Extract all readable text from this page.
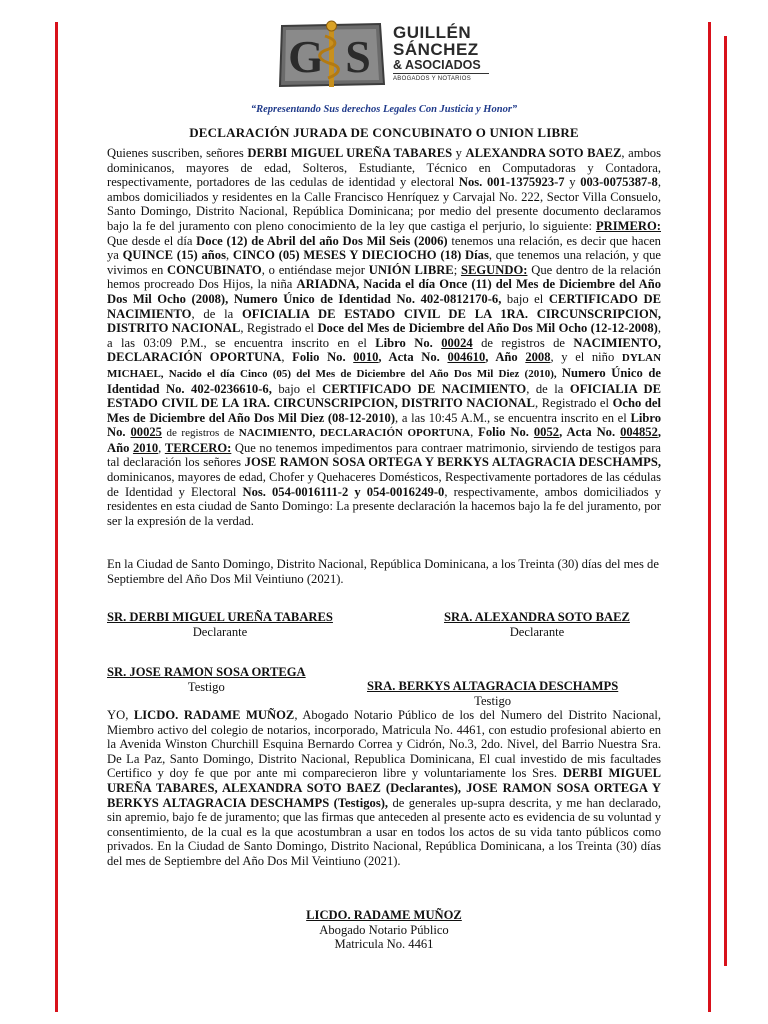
G S GUILLÉN
SÁNCHEZ
& ASOCIADOS
ABOGADOS Y NOTARIOS
“Representando Sus derechos Legales Con Justicia y Honor”
DECLARACIÓN JURADA DE CONCUBINATO O UNION LIBRE

Quienes suscriben, señores DERBI MIGUEL UREÑA TABARES y ALEXANDRA SOTO BAEZ, ambos dominicanos, mayores de edad, Solteros, Estudiante, Técnico en Computadoras y Contadora, respectivamente, portadores de las cedulas de identidad y electoral Nos. 001-1375923-7 y 003-0075387-8, ambos domiciliados y residentes en la Calle Francisco Henríquez y Carvajal No. 222, Sector Villa Consuelo, Santo Domingo, Distrito Nacional, República Dominicana; por medio del presente documento declaramos bajo la fe del juramento con pleno conocimiento de la ley que castiga el perjurio, lo siguiente: PRIMERO: Que desde el día Doce (12) de Abril del año Dos Mil Seis (2006) tenemos una relación, es decir que hacen ya QUINCE (15) años, CINCO (05) MESES Y DIECIOCHO (18) Días, que tenemos una relación, y que vivimos en CONCUBINATO, o entiéndase mejor UNIÓN LIBRE; SEGUNDO: Que dentro de la relación hemos procreado Dos Hijos, la niña ARIADNA, Nacida el día Once (11) del Mes de Diciembre del Año Dos Mil Ocho (2008), Numero Único de Identidad No. 402-0812170-6, bajo el CERTIFICADO DE NACIMIENTO, de la OFICIALIA DE ESTADO CIVIL DE LA 1RA. CIRCUNSCRIPCION, DISTRITO NACIONAL, Registrado el Doce del Mes de Diciembre del Año Dos Mil Ocho (12-12-2008), a las 03:09 P.M., se encuentra inscrito en el Libro No. 00024 de registros de NACIMIENTO, DECLARACIÓN OPORTUNA, Folio No. 0010, Acta No. 004610, Año 2008, y el niño DYLAN MICHAEL, Nacido el día Cinco (05) del Mes de Diciembre del Año Dos Mil Diez (2010), Numero Único de Identidad No. 402-0236610-6, bajo el CERTIFICADO DE NACIMIENTO, de la OFICIALIA DE ESTADO CIVIL DE LA 1RA. CIRCUNSCRIPCION, DISTRITO NACIONAL, Registrado el Ocho del Mes de Diciembre del Año Dos Mil Diez (08-12-2010), a las 10:45 A.M., se encuentra inscrito en el Libro No. 00025 de registros de NACIMIENTO, DECLARACIÓN OPORTUNA, Folio No. 0052, Acta No. 004852, Año 2010, TERCERO: Que no tenemos impedimentos para contraer matrimonio, sirviendo de testigos para tal declaración los señores JOSE RAMON SOSA ORTEGA Y BERKYS ALTAGRACIA DESCHAMPS, dominicanos, mayores de edad, Chofer y Quehaceres Domésticos, Respectivamente portadores de las cédulas de Identidad y Electoral Nos. 054-0016111-2 y 054-0016249-0, respectivamente, ambos domiciliados y residentes en esta ciudad de Santo Domingo: La presente declaración la hacemos bajo la fe del juramento, por ser la expresión de la verdad.

En la Ciudad de Santo Domingo, Distrito Nacional, República Dominicana, a los Treinta (30) días del mes de Septiembre del Año Dos Mil Veintiuno (2021).
SR. DERBI MIGUEL UREÑA TABARES
Declarante
SRA. ALEXANDRA SOTO BAEZ
Declarante
SR. JOSE RAMON SOSA ORTEGA
Testigo	SRA. BERKYS ALTAGRACIA DESCHAMPS
Testigo
YO, LICDO. RADAME MUÑOZ, Abogado Notario Público de los del Numero del Distrito Nacional, Miembro activo del colegio de notarios, incorporado, Matricula No. 4461, con estudio profesional abierto en la Avenida Winston Churchill Esquina Bernardo Correa y Cidrón, No.3, 2do. Nivel, del Barrio Nuestra Sra. De La Paz, Santo Domingo, Distrito Nacional, Republica Dominicana, El cual investido de mis facultades Certifico y doy fe que por ante mi comparecieron libre y voluntariamente los Sres. DERBI MIGUEL UREÑA TABARES, ALEXANDRA SOTO BAEZ (Declarantes), JOSE RAMON SOSA ORTEGA Y BERKYS ALTAGRACIA DESCHAMPS (Testigos), de generales up-supra descrita, y me han declarado, sin apremio, bajo fe de juramento; que las firmas que anteceden al presente acto es evidencia de su voluntad y consentimiento, de la cual es la que acostumbran a usar en todos los actos de su vida tanto públicos como privados. En la Ciudad de Santo Domingo, Distrito Nacional, República Dominicana, a los Treinta (30) días del mes de Septiembre del Año Dos Mil Veintiuno (2021).
LICDO. RADAME MUÑOZ
Abogado Notario Público
Matricula No. 4461
